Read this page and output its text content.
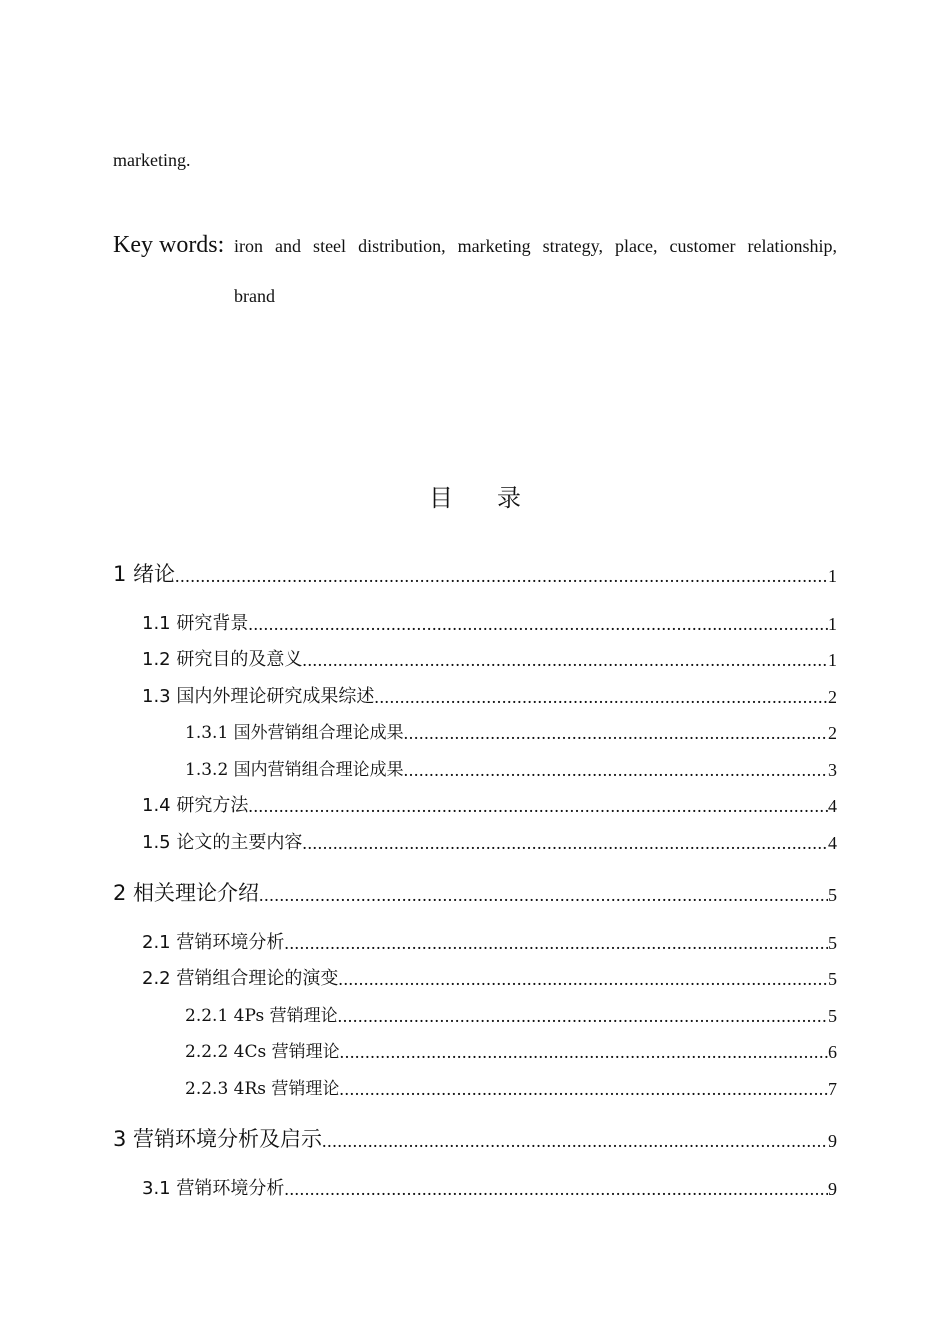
marketing.
Key words: iron and steel distribution, marketing strategy, place, customer relationship,
brand
目录
1 绪论 .....	1
1.1 研究背景 .....	1
1.2 研究目的及意义 .....	1
1.3 国内外理论研究成果综述 .....	2
1.3.1 国外营销组合理论成果 .....	2
1.3.2 国内营销组合理论成果 .....	3
1.4 研究方法 .....	4
1.5 论文的主要内容 .....	4
2 相关理论介绍 .....	5
2.1 营销环境分析 .....	5
2.2 营销组合理论的演变 .....	5
2.2.1 4Ps 营销理论 .....	5
2.2.2 4Cs 营销理论 .....	6
2.2.3 4Rs 营销理论 .....	7
3 营销环境分析及启示 .....	9
3.1 营销环境分析 .....	9
